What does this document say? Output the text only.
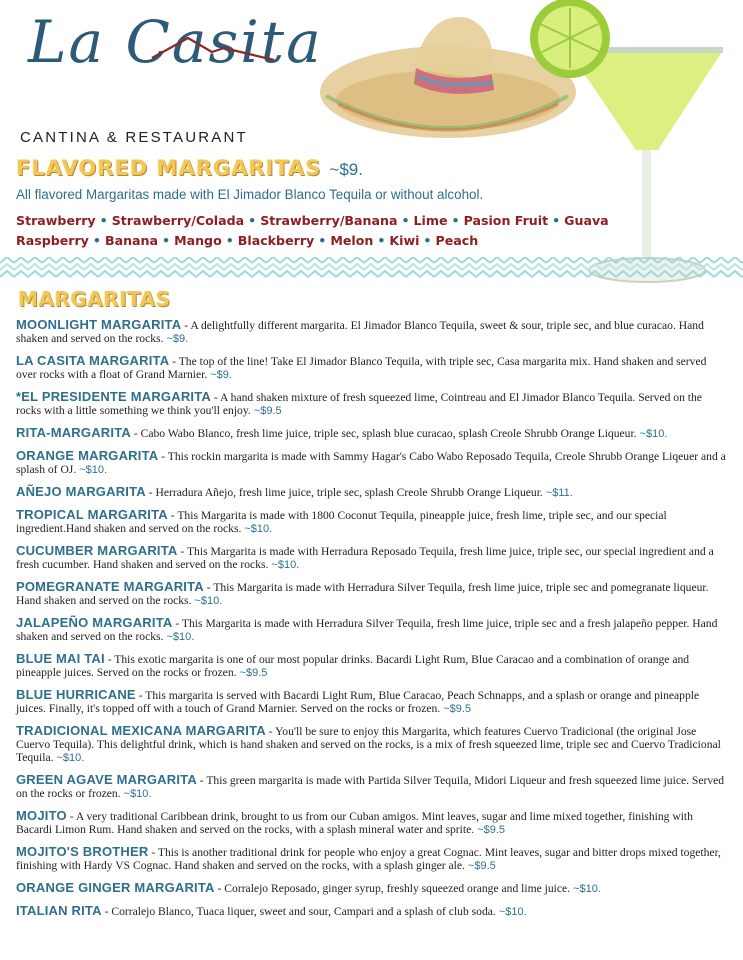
La Casita
CANTINA & RESTAURANT
FLAVORED MARGARITAS ~$9.
All flavored Margaritas made with El Jimador Blanco Tequila or without alcohol.
Strawberry • Strawberry/Colada • Strawberry/Banana • Lime • Pasion Fruit • Guava
Raspberry • Banana • Mango • Blackberry • Melon • Kiwi • Peach
MARGARITAS
MOONLIGHT MARGARITA - A delightfully different margarita. El Jimador Blanco Tequila, sweet & sour, triple sec, and blue curacao. Hand shaken and served on the rocks. ~$9.
LA CASITA MARGARITA - The top of the line! Take El Jimador Blanco Tequila, with triple sec, Casa margarita mix. Hand shaken and served over rocks with a float of Grand Marnier. ~$9.
*EL PRESIDENTE MARGARITA - A hand shaken mixture of fresh squeezed lime, Cointreau and El Jimador Blanco Tequila. Served on the rocks with a little something we think you'll enjoy. ~$9.5
RITA-MARGARITA - Cabo Wabo Blanco, fresh lime juice, triple sec, splash blue curacao, splash Creole Shrubb Orange Liqueur. ~$10.
ORANGE MARGARITA - This rockin margarita is made with Sammy Hagar's Cabo Wabo Reposado Tequila, Creole Shrubb Orange Liqeuer and a splash of OJ. ~$10.
AÑEJO MARGARITA - Herradura Añejo, fresh lime juice, triple sec, splash Creole Shrubb Orange Liqueur. ~$11.
TROPICAL MARGARITA - This Margarita is made with 1800 Coconut Tequila, pineapple juice, fresh lime, triple sec, and our special ingredient.Hand shaken and served on the rocks. ~$10.
CUCUMBER MARGARITA - This Margarita is made with Herradura Reposado Tequila, fresh lime juice, triple sec, our special ingredient and a fresh cucumber. Hand shaken and served on the rocks. ~$10.
POMEGRANATE MARGARITA - This Margarita is made with Herradura Silver Tequila, fresh lime juice, triple sec and pomegranate liqueur. Hand shaken and served on the rocks. ~$10.
JALAPEÑO MARGARITA - This Margarita is made with Herradura Silver Tequila, fresh lime juice, triple sec and a fresh jalapeño pepper. Hand shaken and served on the rocks. ~$10.
BLUE MAI TAI - This exotic margarita is one of our most popular drinks. Bacardi Light Rum, Blue Caracao and a combination of orange and pineapple juices. Served on the rocks or frozen. ~$9.5
BLUE HURRICANE - This margarita is served with Bacardi Light Rum, Blue Caracao, Peach Schnapps, and a splash or orange and pineapple juices. Finally, it's topped off with a touch of Grand Marnier. Served on the rocks or frozen. ~$9.5
TRADICIONAL MEXICANA MARGARITA - You'll be sure to enjoy this Margarita, which features Cuervo Tradicional (the original Jose Cuervo Tequila). This delightful drink, which is hand shaken and served on the rocks, is a mix of fresh squeezed lime, triple sec and Cuervo Tradicional Tequila. ~$10.
GREEN AGAVE MARGARITA - This green margarita is made with Partida Silver Tequila, Midori Liqueur and fresh squeezed lime juice. Served on the rocks or frozen. ~$10.
MOJITO - A very traditional Caribbean drink, brought to us from our Cuban amigos. Mint leaves, sugar and lime mixed together, finishing with Bacardi Limon Rum. Hand shaken and served on the rocks, with a splash mineral water and sprite. ~$9.5
MOJITO'S BROTHER - This is another traditional drink for people who enjoy a great Cognac. Mint leaves, sugar and bitter drops mixed together, finishing with Hardy VS Cognac. Hand shaken and served on the rocks, with a splash ginger ale. ~$9.5
ORANGE GINGER MARGARITA - Corralejo Reposado, ginger syrup, freshly squeezed orange and lime juice. ~$10.
ITALIAN RITA - Corralejo Blanco, Tuaca liquer, sweet and sour, Campari and a splash of club soda. ~$10.
